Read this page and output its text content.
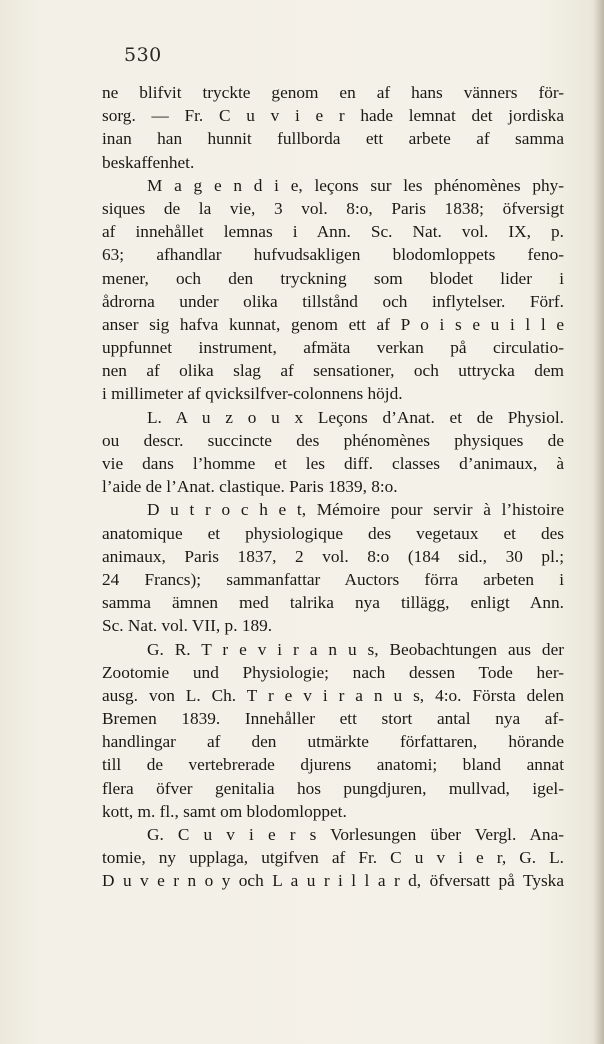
530
ne blifvit tryckte genom en af hans vänners för-
sorg. — Fr. C u v i e r hade lemnat det jordiska
inan han hunnit fullborda ett arbete af samma
beskaffenhet.
M a g e n d i e, leçons sur les phénomènes phy-
siques de la vie, 3 vol. 8:o, Paris 1838; öfversigt
af innehållet lemnas i Ann. Sc. Nat. vol. IX, p.
63; afhandlar hufvudsakligen blodomloppets feno-
mener, och den tryckning som blodet lider i
ådrorna under olika tillstånd och inflytelser. Förf.
anser sig hafva kunnat, genom ett af P o i s e u i l l e
uppfunnet instrument, afmäta verkan på circulatio-
nen af olika slag af sensationer, och uttrycka dem
i millimeter af qvicksilfver-colonnens höjd.
L. A u z o u x Leçons d’Anat. et de Physiol.
ou descr. succincte des phénomènes physiques de
vie dans l’homme et les diff. classes d’animaux, à
l’aide de l’Anat. clastique. Paris 1839, 8:o.
D u t r o c h e t, Mémoire pour servir à l’histoire
anatomique et physiologique des vegetaux et des
animaux, Paris 1837, 2 vol. 8:o (184 sid., 30 pl.;
24 Francs); sammanfattar Auctors förra arbeten i
samma ämnen med talrika nya tillägg, enligt Ann.
Sc. Nat. vol. VII, p. 189.
G. R. T r e v i r a n u s, Beobachtungen aus der
Zootomie und Physiologie; nach dessen Tode her-
ausg. von L. Ch. T r e v i r a n u s, 4:o. Första delen
Bremen 1839. Innehåller ett stort antal nya af-
handlingar af den utmärkte författaren, hörande
till de vertebrerade djurens anatomi; bland annat
flera öfver genitalia hos pungdjuren, mullvad, igel-
kott, m. fl., samt om blodomloppet.
G. C u v i e r s Vorlesungen über Vergl. Ana-
tomie, ny upplaga, utgifven af Fr. C u v i e r, G. L.
D u v e r n o y och L a u r i l l a r d, öfversatt på Tyska
